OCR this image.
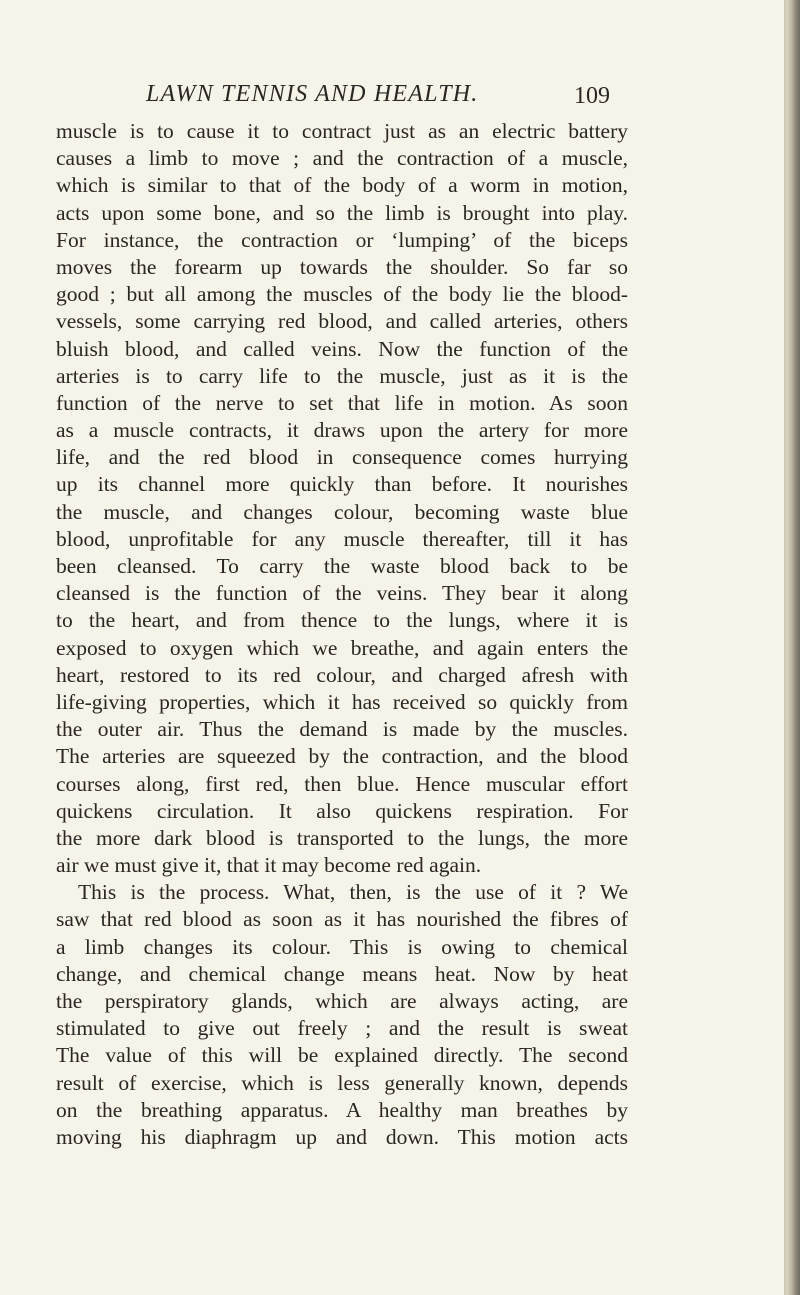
LAWN TENNIS AND HEALTH.	109
muscle is to cause it to contract just as an electric battery
causes a limb to move ; and the contraction of a muscle,
which is similar to that of the body of a worm in motion,
acts upon some bone, and so the limb is brought into play.
For instance, the contraction or ‘lumping’ of the biceps
moves the forearm up towards the shoulder. So far so
good ; but all among the muscles of the body lie the blood-
vessels, some carrying red blood, and called arteries, others
bluish blood, and called veins. Now the function of the
arteries is to carry life to the muscle, just as it is the
function of the nerve to set that life in motion. As soon
as a muscle contracts, it draws upon the artery for more
life, and the red blood in consequence comes hurrying
up its channel more quickly than before. It nourishes
the muscle, and changes colour, becoming waste blue
blood, unprofitable for any muscle thereafter, till it has
been cleansed. To carry the waste blood back to be
cleansed is the function of the veins. They bear it along
to the heart, and from thence to the lungs, where it is
exposed to oxygen which we breathe, and again enters the
heart, restored to its red colour, and charged afresh with
life-giving properties, which it has received so quickly from
the outer air. Thus the demand is made by the muscles.
The arteries are squeezed by the contraction, and the blood
courses along, first red, then blue. Hence muscular effort
quickens circulation. It also quickens respiration. For
the more dark blood is transported to the lungs, the more
air we must give it, that it may become red again.
This is the process. What, then, is the use of it ? We
saw that red blood as soon as it has nourished the fibres of
a limb changes its colour. This is owing to chemical
change, and chemical change means heat. Now by heat
the perspiratory glands, which are always acting, are
stimulated to give out freely ; and the result is sweat
The value of this will be explained directly. The second
result of exercise, which is less generally known, depends
on the breathing apparatus. A healthy man breathes by
moving his diaphragm up and down. This motion acts
